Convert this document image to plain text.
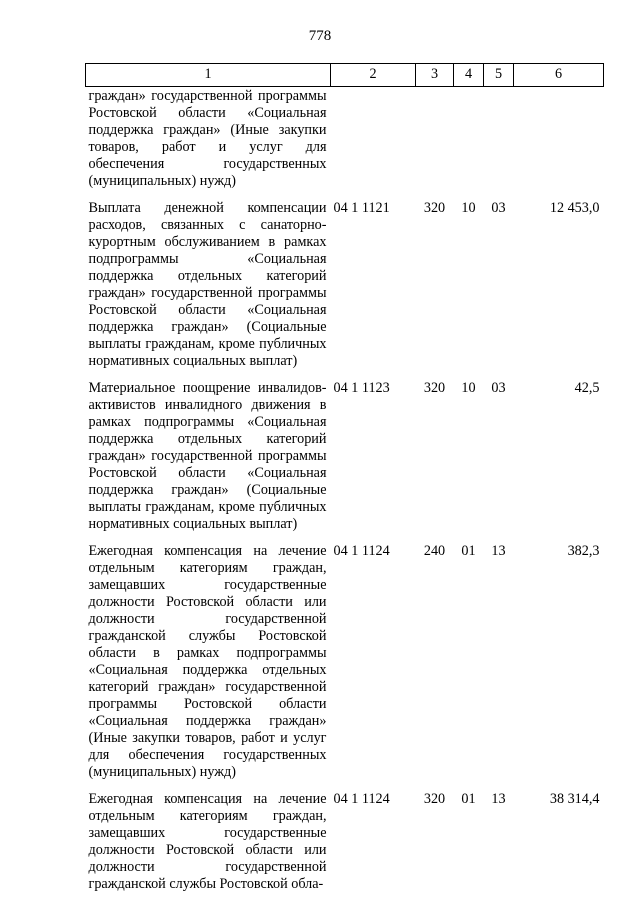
778
1	2	3	4	5	6
граждан» государственной программы Ростовской области «Социальная поддержка граждан» (Иные закупки товаров, работ и услуг для обеспечения государственных (муниципальных) нужд)					
Выплата денежной компенсации расходов, связанных с санаторно-курортным обслуживанием в рамках подпрограммы «Социальная поддержка отдельных категорий граждан» государственной программы Ростовской области «Социальная поддержка граждан» (Социальные выплаты гражданам, кроме публичных нормативных социальных выплат)	04 1 1121	320	10	03	12 453,0
Материальное поощрение инвалидов-активистов инвалидного движения в рамках подпрограммы «Социальная поддержка отдельных категорий граждан» государственной программы Ростовской области «Социальная поддержка граждан» (Социальные выплаты гражданам, кроме публичных нормативных социальных выплат)	04 1 1123	320	10	03	42,5
Ежегодная компенсация на лечение отдельным категориям граждан, замещавших государственные должности Ростовской области или должности государственной гражданской службы Ростовской области в рамках подпрограммы «Социальная поддержка отдельных категорий граждан» государственной программы Ростовской области «Социальная поддержка граждан» (Иные закупки товаров, работ и услуг для обеспечения государственных (муниципальных) нужд)	04 1 1124	240	01	13	382,3
Ежегодная компенсация на лечение отдельным категориям граждан, замещавших государственные должности Ростовской области или должности государственной гражданской службы Ростовской обла-	04 1 1124	320	01	13	38 314,4
